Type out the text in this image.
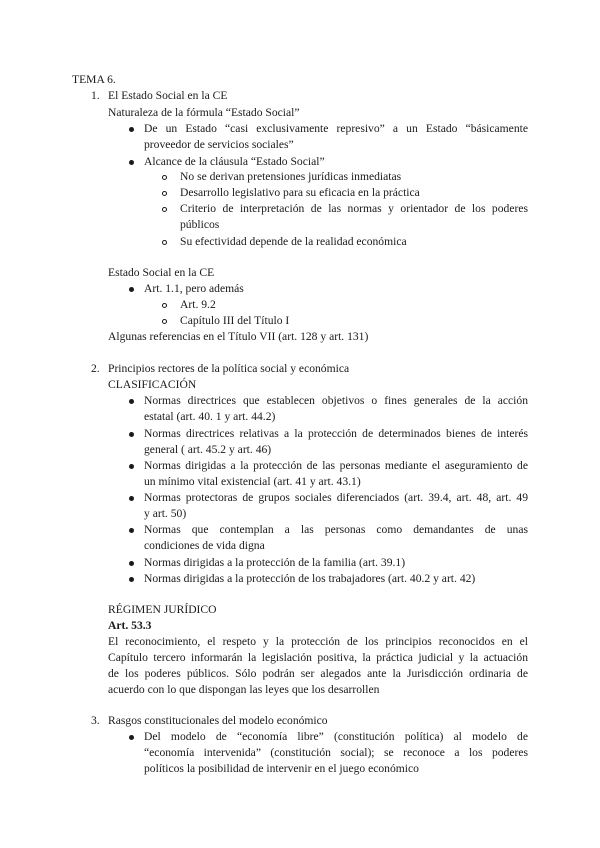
TEMA 6.
1. El Estado Social en la CE
Naturaleza de la fórmula “Estado Social”
De un Estado “casi exclusivamente represivo” a un Estado “básicamente
proveedor de servicios sociales”
Alcance de la cláusula “Estado Social”
No se derivan pretensiones jurídicas inmediatas
Desarrollo legislativo para su eficacia en la práctica
Criterio de interpretación de las normas y orientador de los poderes
públicos
Su efectividad depende de la realidad económica
Estado Social en la CE
Art. 1.1, pero además
Art. 9.2
Capítulo III del Título I
Algunas referencias en el Título VII (art. 128 y art. 131)
2. Principios rectores de la política social y económica
CLASIFICACIÓN
Normas directrices que establecen objetivos o fines generales de la acción
estatal (art. 40. 1 y art. 44.2)
Normas directrices relativas a la protección de determinados bienes de interés
general ( art. 45.2 y art. 46)
Normas dirigidas a la protección de las personas mediante el aseguramiento de
un mínimo vital existencial (art. 41 y art. 43.1)
Normas protectoras de grupos sociales diferenciados (art. 39.4, art. 48, art. 49
y art. 50)
Normas que contemplan a las personas como demandantes de unas
condiciones de vida digna
Normas dirigidas a la protección de la familia (art. 39.1)
Normas dirigidas a la protección de los trabajadores (art. 40.2 y art. 42)
RÉGIMEN JURÍDICO
Art. 53.3
El reconocimiento, el respeto y la protección de los principios reconocidos en el
Capítulo tercero informarán la legislación positiva, la práctica judicial y la actuación
de los poderes públicos. Sólo podrán ser alegados ante la Jurisdicción ordinaria de
acuerdo con lo que dispongan las leyes que los desarrollen
3. Rasgos constitucionales del modelo económico
Del modelo de “economía libre” (constitución política) al modelo de
“economía intervenida” (constitución social); se reconoce a los poderes
políticos la posibilidad de intervenir en el juego económico
